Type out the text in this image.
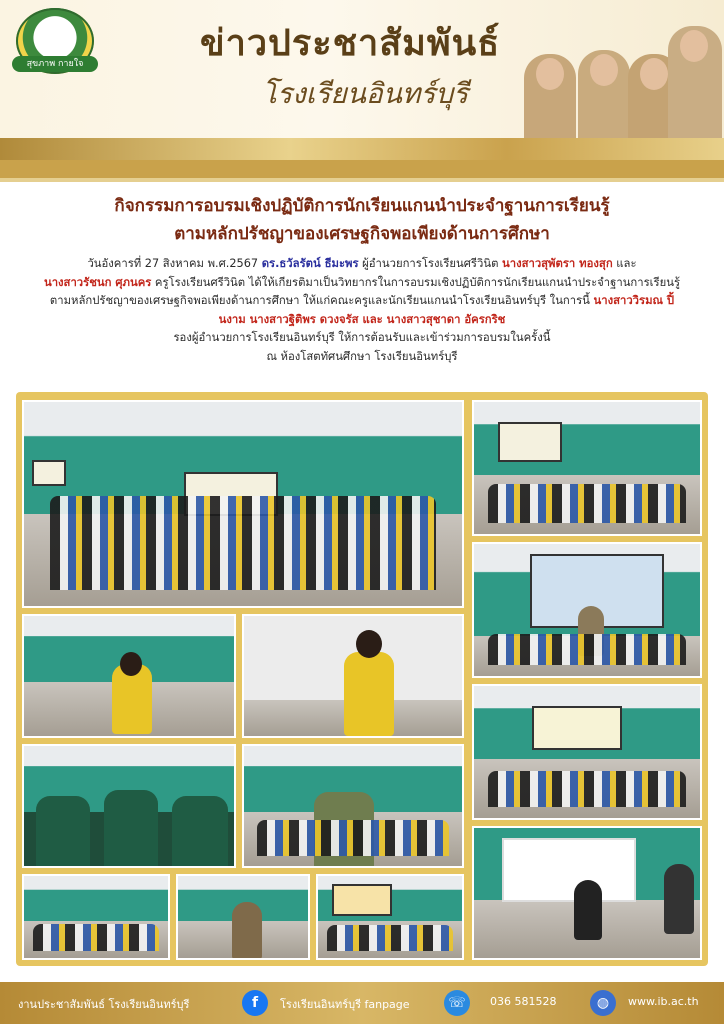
สุขภาพ กายใจ	ข่าวประชาสัมพันธ์
โรงเรียนอินทร์บุรี
กิจกรรมการอบรมเชิงปฏิบัติการนักเรียนแกนนำประจำฐานการเรียนรู้
ตามหลักปรัชญาของเศรษฐกิจพอเพียงด้านการศึกษา
วันอังคารที่ 27 สิงหาคม พ.ศ.2567 ดร.ธวัลรัตน์ ธีมะพร ผู้อำนวยการโรงเรียนศรีวินิต นางสาวสุพัตรา ทองสุก และ
นางสาวรัชนก ศุภนคร ครูโรงเรียนศรีวินิต ได้ให้เกียรติมาเป็นวิทยากรในการอบรมเชิงปฏิบัติการนักเรียนแกนนำประจำฐานการเรียนรู้ตามหลักปรัชญาของเศรษฐกิจพอเพียงด้านการศึกษา ให้แก่คณะครูและนักเรียนแกนนำโรงเรียนอินทร์บุรี ในการนี้ นางสาววิรมณ ปิ้นงาม นางสาวฐิติพร ดวงจรัส และ นางสาวสุชาดา อัครกริช
รองผู้อำนวยการโรงเรียนอินทร์บุรี ให้การต้อนรับและเข้าร่วมการอบรมในครั้งนี้
ณ ห้องโสตทัศนศึกษา โรงเรียนอินทร์บุรี
งานประชาสัมพันธ์ โรงเรียนอินทร์บุรี	f	โรงเรียนอินทร์บุรี fanpage	☏	036 581528	◍	www.ib.ac.th
